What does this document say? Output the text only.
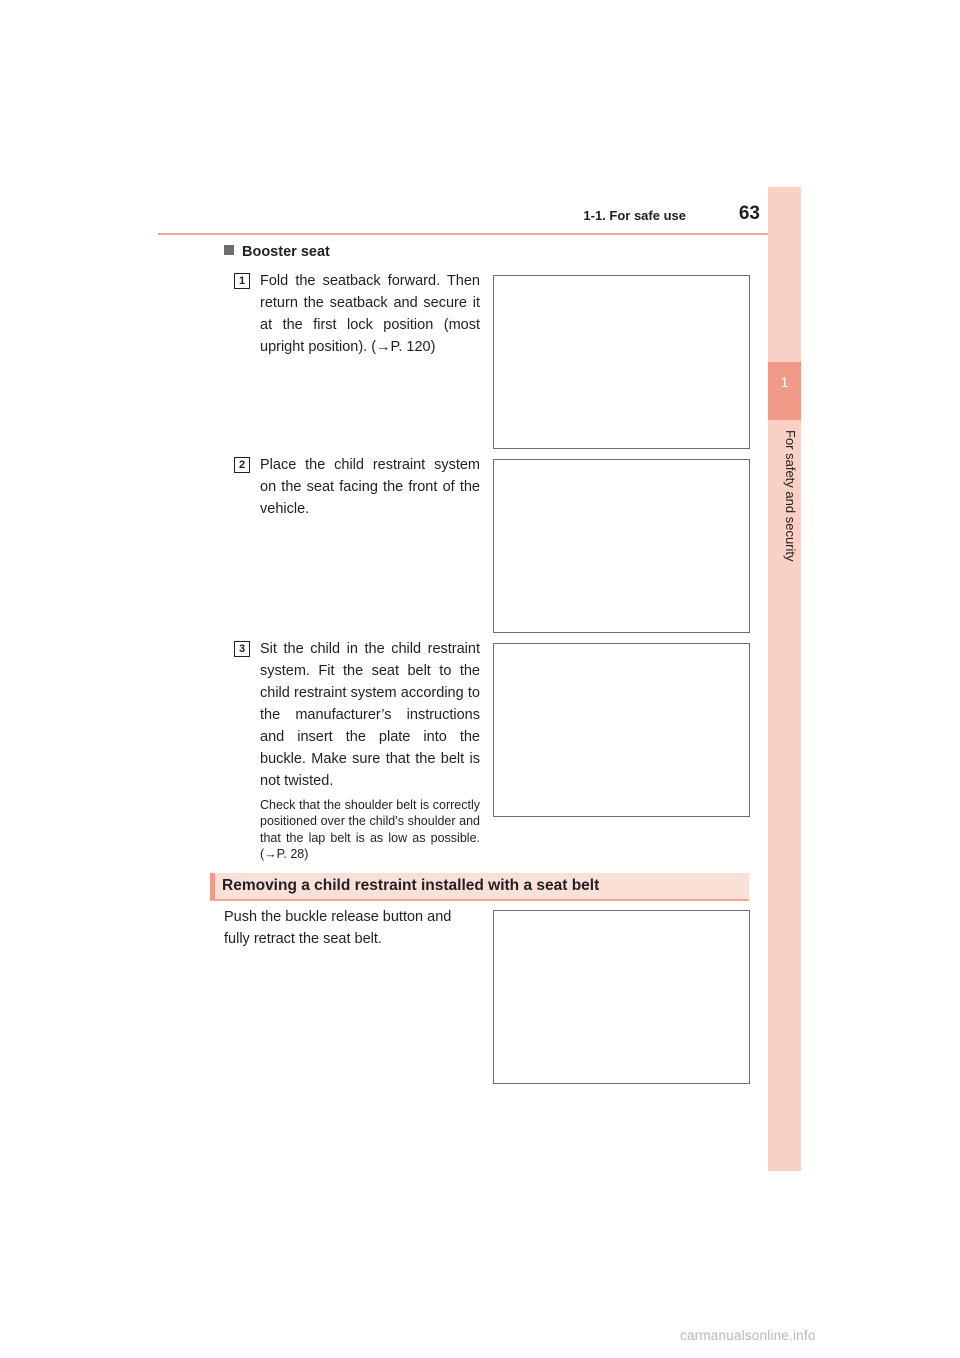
1-1. For safe use	63
1
For safety and security
Booster seat
1	Fold the seatback forward. Then return the seatback and secure it at the first lock position (most upright position). (→P. 120)
2	Place the child restraint system on the seat facing the front of the vehicle.
3	Sit the child in the child restraint system. Fit the seat belt to the child restraint system according to the manufacturer’s instructions and insert the plate into the buckle. Make sure that the belt is not twisted.
Check that the shoulder belt is correctly positioned over the child’s shoulder and that the lap belt is as low as possible. (→P. 28)
Removing a child restraint installed with a seat belt
Push the buckle release button and fully retract the seat belt.
carmanualsonline.info
